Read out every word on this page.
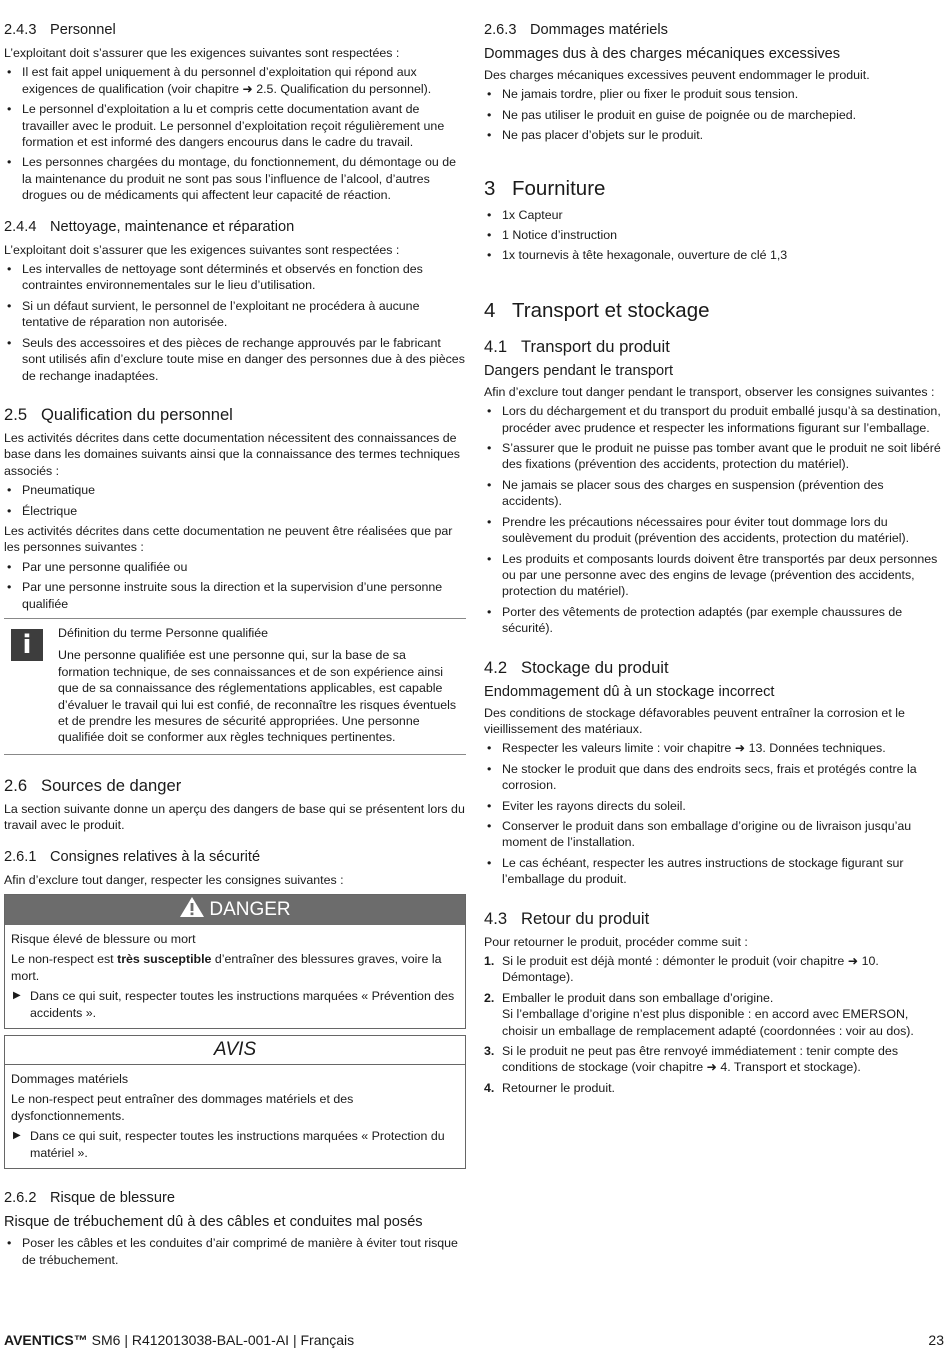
2.4.3 Personnel

L’exploitant doit s’assurer que les exigences suivantes sont respectées :

• Il est fait appel uniquement à du personnel d’exploitation qui répond aux exigences de qualification (voir chapitre ➜ 2.5. Qualification du personnel).
• Le personnel d’exploitation a lu et compris cette documentation avant de travailler avec le produit. Le personnel d’exploitation reçoit régulièrement une formation et est informé des dangers encourus dans le cadre du travail.
• Les personnes chargées du montage, du fonctionnement, du démontage ou de la maintenance du produit ne sont pas sous l’influence de l’alcool, d’autres drogues ou de médicaments qui affectent leur capacité de réaction.
2.4.4 Nettoyage, maintenance et réparation

L’exploitant doit s’assurer que les exigences suivantes sont respectées :

• Les intervalles de nettoyage sont déterminés et observés en fonction des contraintes environnementales sur le lieu d’utilisation.
• Si un défaut survient, le personnel de l’exploitant ne procédera à aucune tentative de réparation non autorisée.
• Seuls des accessoires et des pièces de rechange approuvés par le fabricant sont utilisés afin d’exclure toute mise en danger des personnes due à des pièces de rechange inadaptées.
2.5 Qualification du personnel

Les activités décrites dans cette documentation nécessitent des connaissances de base dans les domaines suivants ainsi que la connaissance des termes techniques associés :

• Pneumatique
• Électrique

Les activités décrites dans cette documentation ne peuvent être réalisées que par les personnes suivantes :

• Par une personne qualifiée ou
• Par une personne instruite sous la direction et la supervision d’une personne qualifiée
i	Définition du terme Personne qualifiée
Une personne qualifiée est une personne qui, sur la base de sa formation technique, de ses connaissances et de son expérience ainsi que de sa connaissance des réglementations applicables, est capable d’évaluer le travail qui lui est confié, de reconnaître les risques éventuels et de prendre les mesures de sécurité appropriées. Une personne qualifiée doit se conformer aux règles techniques pertinentes.
2.6 Sources de danger

La section suivante donne un aperçu des dangers de base qui se présentent lors du travail avec le produit.

2.6.1 Consignes relatives à la sécurité

Afin d’exclure tout danger, respecter les consignes suivantes :

DANGER
Risque élevé de blessure ou mort
Le non-respect est très susceptible d’entraîner des blessures graves, voire la mort.
▶ Dans ce qui suit, respecter toutes les instructions marquées « Prévention des accidents ».
AVIS
Dommages matériels
Le non-respect peut entraîner des dommages matériels et des dysfonctionnements.
▶ Dans ce qui suit, respecter toutes les instructions marquées « Protection du matériel ».
2.6.2 Risque de blessure
Risque de trébuchement dû à des câbles et conduites mal posés
• Poser les câbles et les conduites d’air comprimé de manière à éviter tout risque de trébuchement.
2.6.3 Dommages matériels
Dommages dus à des charges mécaniques excessives

Des charges mécaniques excessives peuvent endommager le produit.

• Ne jamais tordre, plier ou fixer le produit sous tension.
• Ne pas utiliser le produit en guise de poignée ou de marchepied.
• Ne pas placer d’objets sur le produit.
3 Fourniture
• 1x Capteur
• 1 Notice d’instruction
• 1x tournevis à tête hexagonale, ouverture de clé 1,3
4 Transport et stockage
4.1 Transport du produit
Dangers pendant le transport

Afin d’exclure tout danger pendant le transport, observer les consignes suivantes :

• Lors du déchargement et du transport du produit emballé jusqu’à sa destination, procéder avec prudence et respecter les informations figurant sur l’emballage.
• S’assurer que le produit ne puisse pas tomber avant que le produit ne soit libéré des fixations (prévention des accidents, protection du matériel).
• Ne jamais se placer sous des charges en suspension (prévention des accidents).
• Prendre les précautions nécessaires pour éviter tout dommage lors du soulèvement du produit (prévention des accidents, protection du matériel).
• Les produits et composants lourds doivent être transportés par deux personnes ou par une personne avec des engins de levage (prévention des accidents, protection du matériel).
• Porter des vêtements de protection adaptés (par exemple chaussures de sécurité).
4.2 Stockage du produit
Endommagement dû à un stockage incorrect

Des conditions de stockage défavorables peuvent entraîner la corrosion et le vieillissement des matériaux.

• Respecter les valeurs limite : voir chapitre ➜ 13. Données techniques.
• Ne stocker le produit que dans des endroits secs, frais et protégés contre la corrosion.
• Eviter les rayons directs du soleil.
• Conserver le produit dans son emballage d’origine ou de livraison jusqu’au moment de l’installation.
• Le cas échéant, respecter les autres instructions de stockage figurant sur l’emballage du produit.
4.3 Retour du produit

Pour retourner le produit, procéder comme suit :

1. Si le produit est déjà monté : démonter le produit (voir chapitre ➜ 10. Démontage).
2. Emballer le produit dans son emballage d’origine.
Si l’emballage d’origine n’est plus disponible : en accord avec EMERSON, choisir un emballage de remplacement adapté (coordonnées : voir au dos).
3. Si le produit ne peut pas être renvoyé immédiatement : tenir compte des conditions de stockage (voir chapitre ➜ 4. Transport et stockage).
4. Retourner le produit.
AVENTICS™ SM6 | R412013038-BAL-001-AI | Français	23
